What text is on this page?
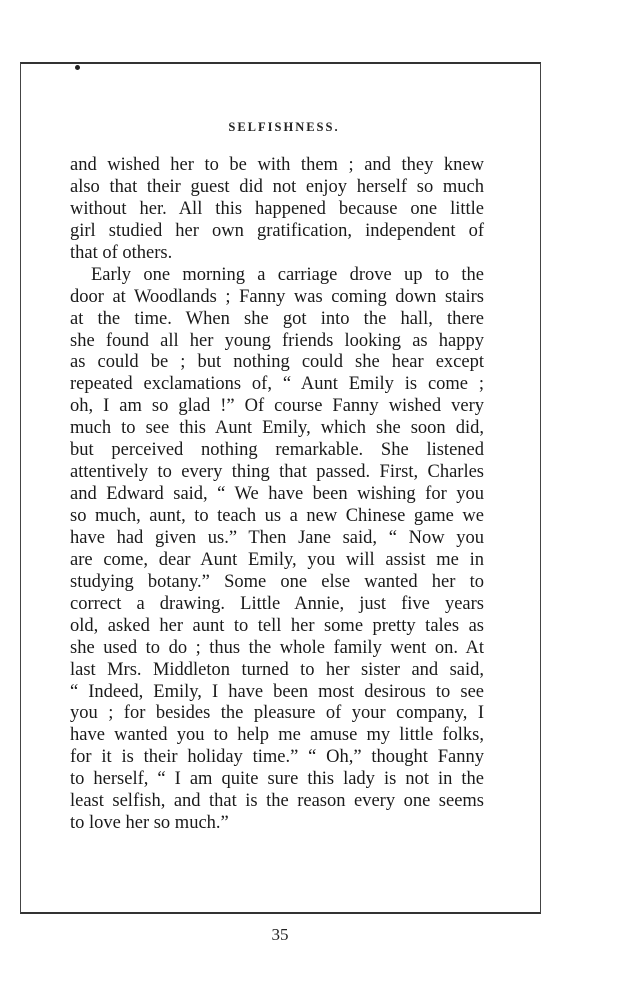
SELFISHNESS.
and wished her to be with them ; and they knew
also that their guest did not enjoy herself so much
without her. All this happened because one little
girl studied her own gratification, independent of
that of others.
Early one morning a carriage drove up to the
door at Woodlands ; Fanny was coming down stairs
at the time. When she got into the hall, there
she found all her young friends looking as happy
as could be ; but nothing could she hear except
repeated exclamations of, “ Aunt Emily is come ;
oh, I am so glad !” Of course Fanny wished very
much to see this Aunt Emily, which she soon did,
but perceived nothing remarkable. She listened
attentively to every thing that passed. First, Charles
and Edward said, “ We have been wishing for you
so much, aunt, to teach us a new Chinese game we
have had given us.” Then Jane said, “ Now you
are come, dear Aunt Emily, you will assist me in
studying botany.” Some one else wanted her to
correct a drawing. Little Annie, just five years
old, asked her aunt to tell her some pretty tales as
she used to do ; thus the whole family went on. At
last Mrs. Middleton turned to her sister and said,
“ Indeed, Emily, I have been most desirous to see
you ; for besides the pleasure of your company, I
have wanted you to help me amuse my little folks,
for it is their holiday time.” “ Oh,” thought Fanny
to herself, “ I am quite sure this lady is not in the
least selfish, and that is the reason every one seems
to love her so much.”
35
